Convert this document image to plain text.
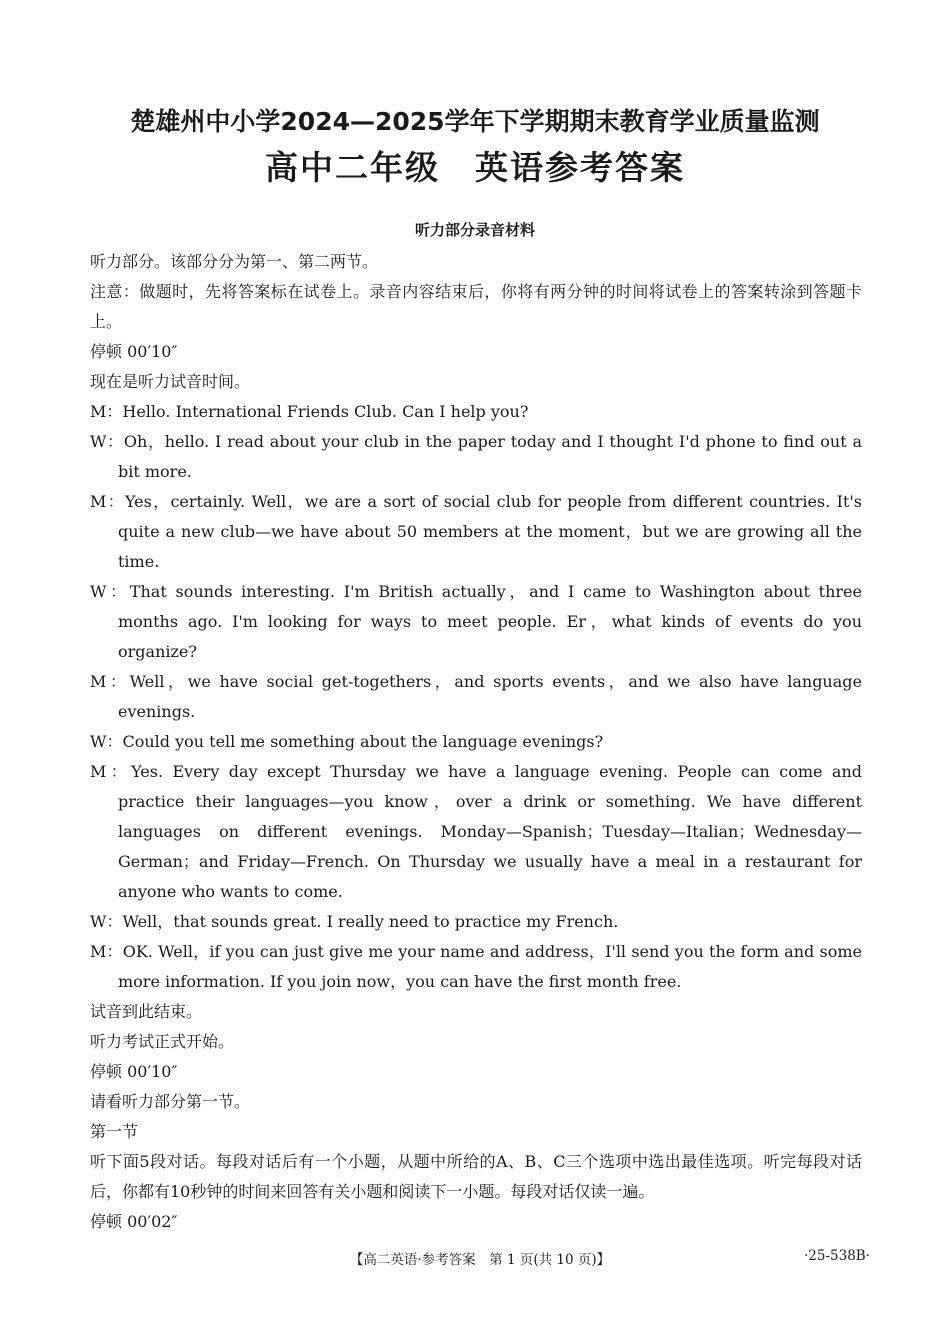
楚雄州中小学2024—2025学年下学期期末教育学业质量监测
高中二年级　英语参考答案
听力部分录音材料

听力部分。该部分分为第一、第二两节。

注意：做题时，先将答案标在试卷上。录音内容结束后，你将有两分钟的时间将试卷上的答案转涂到答题卡上。

停顿 00′10″

现在是听力试音时间。

M：Hello. International Friends Club. Can I help you?

W：Oh，hello. I read about your club in the paper today and I thought I'd phone to find out a bit more.

M：Yes，certainly. Well，we are a sort of social club for people from different countries. It's quite a new club—we have about 50 members at the moment，but we are growing all the time.

W：That sounds interesting. I'm British actually，and I came to Washington about three months ago. I'm looking for ways to meet people. Er，what kinds of events do you organize?

M：Well，we have social get-togethers，and sports events，and we also have language evenings.

W：Could you tell me something about the language evenings?

M：Yes. Every day except Thursday we have a language evening. People can come and practice their languages—you know，over a drink or something. We have different languages on different evenings. Monday—Spanish；Tuesday—Italian；Wednesday—German；and Friday—French. On Thursday we usually have a meal in a restaurant for anyone who wants to come.

W：Well，that sounds great. I really need to practice my French.

M：OK. Well，if you can just give me your name and address，I'll send you the form and some more information. If you join now，you can have the first month free.

试音到此结束。

听力考试正式开始。

停顿 00′10″

请看听力部分第一节。

第一节

听下面5段对话。每段对话后有一个小题，从题中所给的A、B、C三个选项中选出最佳选项。听完每段对话后，你都有10秒钟的时间来回答有关小题和阅读下一小题。每段对话仅读一遍。

停顿 00′02″

【高二英语·参考答案　第 1 页(共 10 页)】	·25-538B·
